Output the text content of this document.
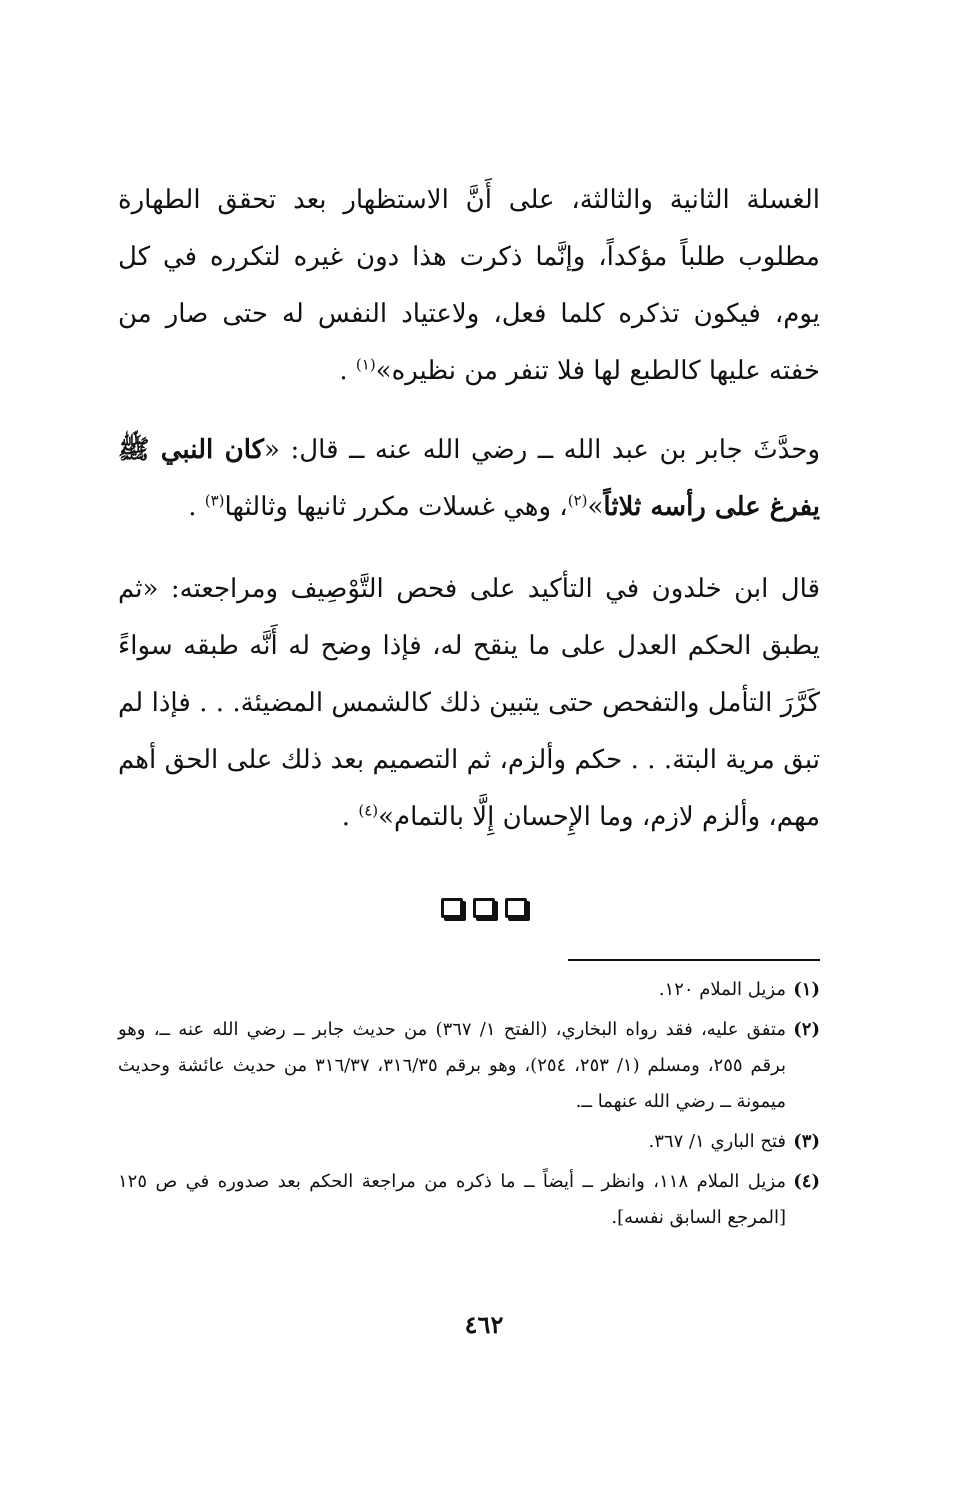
الغسلة الثانية والثالثة، على أَنَّ الاستظهار بعد تحقق الطهارة مطلوب طلباً مؤكداً، وإنَّما ذكرت هذا دون غيره لتكرره في كل يوم، فيكون تذكره كلما فعل، ولاعتياد النفس له حتى صار من خفته عليها كالطبع لها فلا تنفر من نظيره»$^{(١)}$ .

وحدَّثَ جابر بن عبد الله ــ رضي الله عنه ــ قال: «كان النبي ﷺ يفرغ على رأسه ثلاثاً»$^{(٢)}$، وهي غسلات مكرر ثانيها وثالثها$^{(٣)}$ .

قال ابن خلدون في التأكيد على فحص التَّوْصِيف ومراجعته: «ثم يطبق الحكم العدل على ما ينقح له، فإذا وضح له أَنَّه طبقه سواءً كَرَّرَ التأمل والتفحص حتى يتبين ذلك كالشمس المضيئة. . . فإذا لم تبق مرية البتة. . . حكم وألزم، ثم التصميم بعد ذلك على الحق أهم مهم، وألزم لازم، وما الإِحسان إِلَّا بالتمام»$^{(٤)}$ .

(١)
مزيل الملام ١٢٠.
(٢)
متفق عليه، فقد رواه البخاري، (الفتح ١/ ٣٦٧) من حديث جابر ــ رضي الله عنه ــ، وهو برقم ٢٥٥، ومسلم (١/ ٢٥٣، ٢٥٤)، وهو برقم ٣١٦/٣٥، ٣١٦/٣٧ من حديث عائشة وحديث ميمونة ــ رضي الله عنهما ــ.
(٣)
فتح الباري ١/ ٣٦٧.
(٤)
مزيل الملام ١١٨، وانظر ــ أيضاً ــ ما ذكره من مراجعة الحكم بعد صدوره في ص ١٢٥ [المرجع السابق نفسه].
٤٦٢
